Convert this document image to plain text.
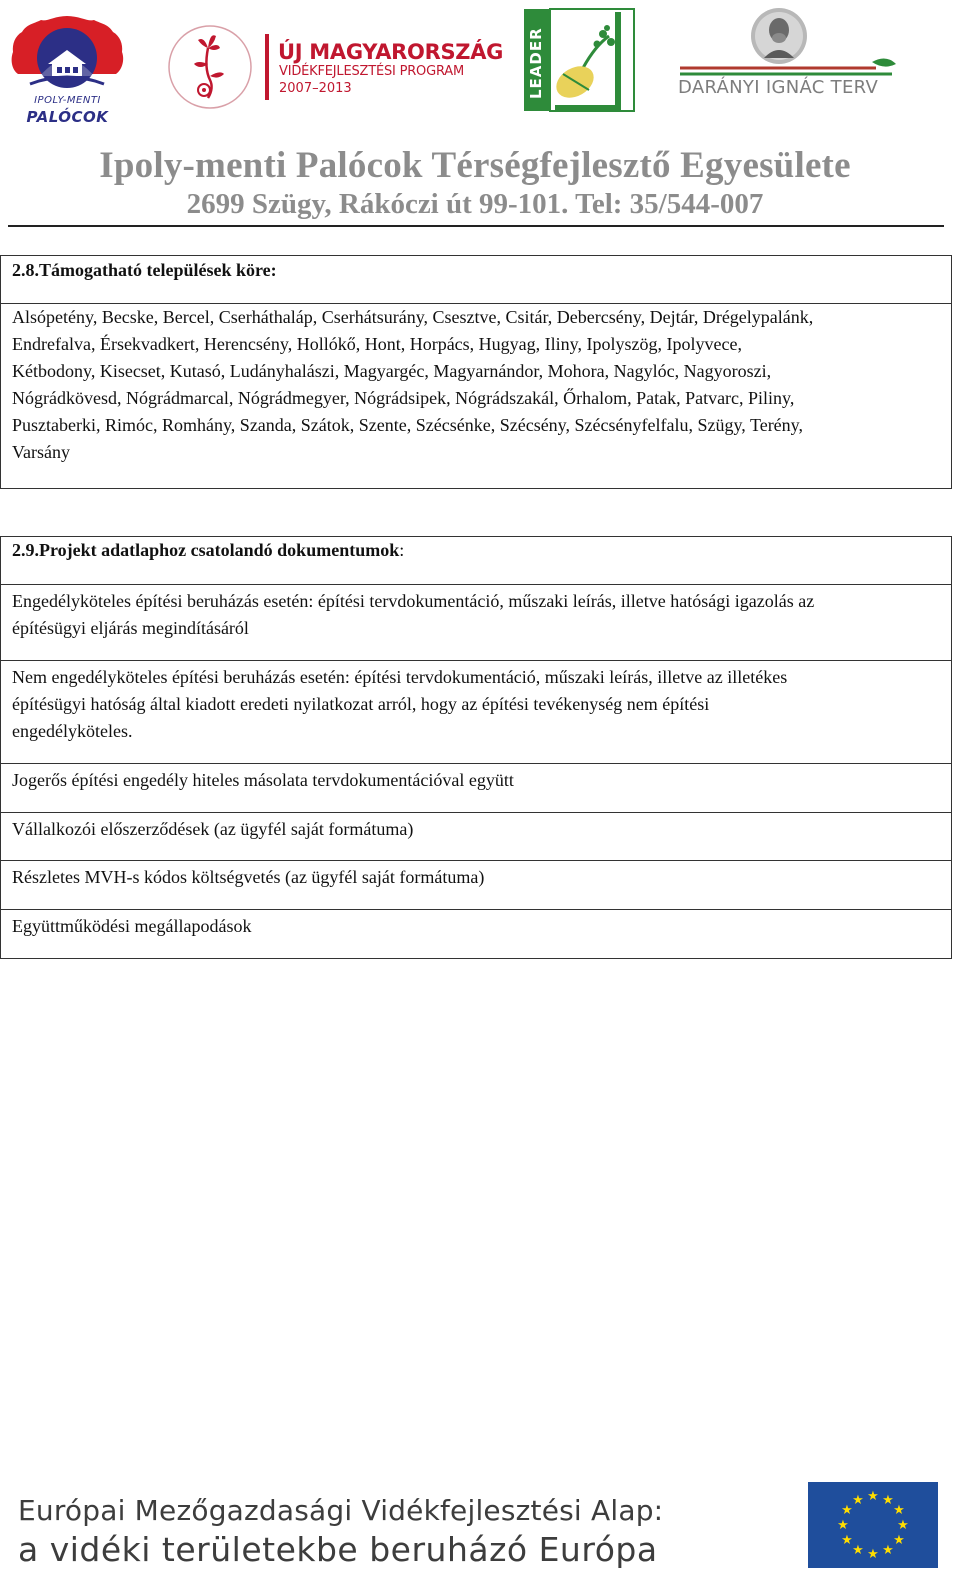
IPOLY-MENTI
PALÓCOK
ÚJ MAGYARORSZÁG
VIDÉKFEJLESZTÉSI PROGRAM
2007–2013	LEADER	DARÁNYI IGNÁC TERV
Ipoly-menti Palócok Térségfejlesztő Egyesülete
2699 Szügy, Rákóczi út 99-101. Tel: 35/544-007
2.8.Támogatható települések köre:
Alsópetény, Becske, Bercel, Cserháthaláp, Cserhátsurány, Csesztve, Csitár, Debercsény, Dejtár, Drégelypalánk,
Endrefalva, Érsekvadkert, Herencsény, Hollókő, Hont, Horpács, Hugyag, Iliny, Ipolyszög, Ipolyvece,
Kétbodony, Kisecset, Kutasó, Ludányhalászi, Magyargéc, Magyarnándor, Mohora, Nagylóc, Nagyoroszi,
Nógrádkövesd, Nógrádmarcal, Nógrádmegyer, Nógrádsipek, Nógrádszakál, Őrhalom, Patak, Patvarc, Piliny,
Pusztaberki, Rimóc, Romhány, Szanda, Szátok, Szente, Szécsénke, Szécsény, Szécsényfelfalu, Szügy, Terény,
Varsány
2.9.Projekt adatlaphoz csatolandó dokumentumok:
Engedélyköteles építési beruházás esetén: építési tervdokumentáció, műszaki leírás, illetve hatósági igazolás az
építésügyi eljárás megindításáról
Nem engedélyköteles építési beruházás esetén: építési tervdokumentáció, műszaki leírás, illetve az illetékes
építésügyi hatóság által kiadott eredeti nyilatkozat arról, hogy az építési tevékenység nem építési
engedélyköteles.
Jogerős építési engedély hiteles másolata tervdokumentációval együtt
Vállalkozói előszerződések (az ügyfél saját formátuma)
Részletes MVH-s kódos költségvetés (az ügyfél saját formátuma)
Együttműködési megállapodások
Európai Mezőgazdasági Vidékfejlesztési Alap:
a vidéki területekbe beruházó Európa
★ ★
★
★
★
★
★
★
★
★
★
★
